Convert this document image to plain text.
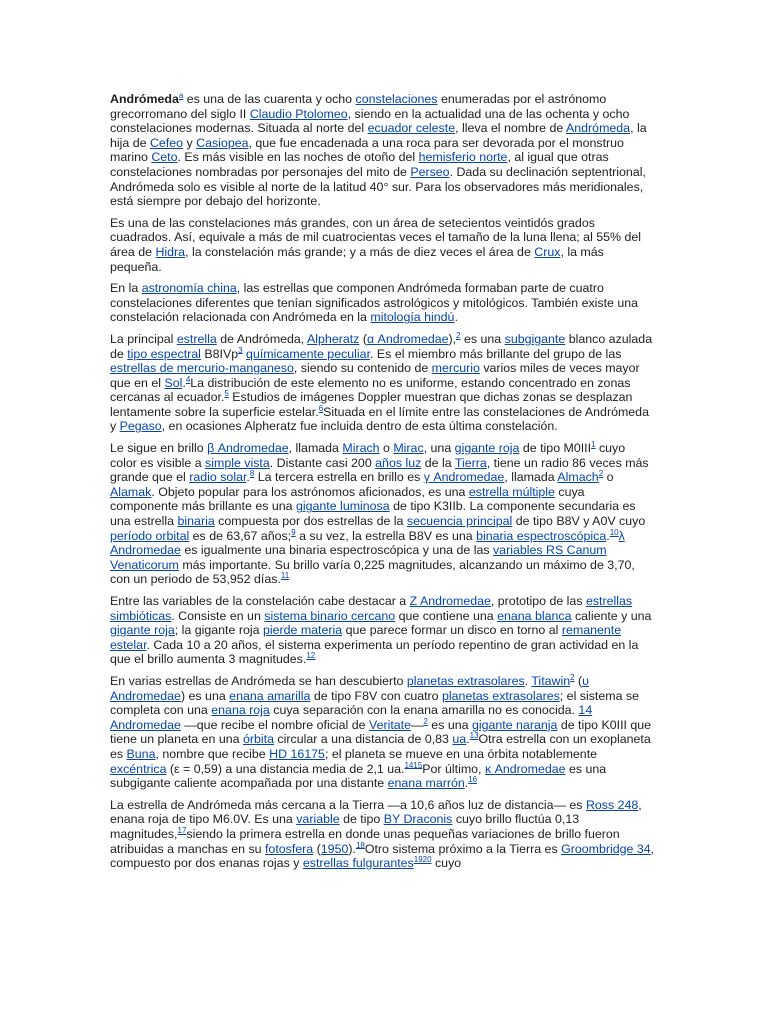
Andrómeda$^a$ es una de las cuarenta y ocho constelaciones enumeradas por el astrónomo grecorromano del siglo II Claudio Ptolomeo, siendo en la actualidad una de las ochenta y ocho constelaciones modernas. Situada al norte del ecuador celeste, lleva el nombre de Andrómeda, la hija de Cefeo y Casiopea, que fue encadenada a una roca para ser devorada por el monstruo marino Ceto. Es más visible en las noches de otoño del hemisferio norte, al igual que otras constelaciones nombradas por personajes del mito de Perseo. Dada su declinación septentrional, Andrómeda solo es visible al norte de la latitud 40° sur. Para los observadores más meridionales, está siempre por debajo del horizonte.

Es una de las constelaciones más grandes, con un área de setecientos veintidós grados cuadrados. Así, equivale a más de mil cuatrocientas veces el tamaño de la luna llena; al 55% del área de Hidra, la constelación más grande; y a más de diez veces el área de Crux, la más pequeña.

En la astronomía china, las estrellas que componen Andrómeda formaban parte de cuatro constelaciones diferentes que tenían significados astrológicos y mitológicos. También existe una constelación relacionada con Andrómeda en la mitología hindú.

La principal estrella de Andrómeda, Alpheratz (α Andromedae),$^2$ es una subgigante blanco azulada de tipo espectral B8IVp$^3$ químicamente peculiar. Es el miembro más brillante del grupo de las estrellas de mercurio-manganeso, siendo su contenido de mercurio varios miles de veces mayor que en el Sol.$^4$La distribución de este elemento no es uniforme, estando concentrado en zonas cercanas al ecuador.$^5$ Estudios de imágenes Doppler muestran que dichas zonas se desplazan lentamente sobre la superficie estelar.$^6$Situada en el límite entre las constelaciones de Andrómeda y Pegaso, en ocasiones Alpheratz fue incluida dentro de esta última constelación.

Le sigue en brillo β Andromedae, llamada Mirach o Mirac, una gigante roja de tipo M0III$^1$ cuyo color es visible a simple vista. Distante casi 200 años luz de la Tierra, tiene un radio 86 veces más grande que el radio solar.$^8$ La tercera estrella en brillo es γ Andromedae, llamada Almach$^2$ o Alamak. Objeto popular para los astrónomos aficionados, es una estrella múltiple cuya componente más brillante es una gigante luminosa de tipo K3IIb. La componente secundaria es una estrella binaria compuesta por dos estrellas de la secuencia principal de tipo B8V y A0V cuyo período orbital es de 63,67 años;$^9$ a su vez, la estrella B8V es una binaria espectroscópica.$^{10}$λ Andromedae es igualmente una binaria espectroscópica y una de las variables RS Canum Venaticorum más importante. Su brillo varía 0,225 magnitudes, alcanzando un máximo de 3,70, con un periodo de 53,952 días.$^{11}$

Entre las variables de la constelación cabe destacar a Z Andromedae, prototipo de las estrellas simbióticas. Consiste en un sistema binario cercano que contiene una enana blanca caliente y una gigante roja; la gigante roja pierde materia que parece formar un disco en torno al remanente estelar. Cada 10 a 20 años, el sistema experimenta un período repentino de gran actividad en la que el brillo aumenta 3 magnitudes.$^{12}$

En varias estrellas de Andrómeda se han descubierto planetas extrasolares. Titawin$^2$ (υ Andromedae) es una enana amarilla de tipo F8V con cuatro planetas extrasolares; el sistema se completa con una enana roja cuya separación con la enana amarilla no es conocida. 14 Andromedae —que recibe el nombre oficial de Veritate—$^2$ es una gigante naranja de tipo K0III que tiene un planeta en una órbita circular a una distancia de 0,83 ua.$^{13}$Otra estrella con un exoplaneta es Buna, nombre que recibe HD 16175; el planeta se mueve en una órbita notablemente excéntrica (ε = 0,59) a una distancia media de 2,1 ua.$^{1415}$Por último, κ Andromedae es una subgigante caliente acompañada por una distante enana marrón.$^{16}$

La estrella de Andrómeda más cercana a la Tierra —a 10,6 años luz de distancia— es Ross 248, enana roja de tipo M6.0V. Es una variable de tipo BY Draconis cuyo brillo fluctúa 0,13 magnitudes,$^{17}$siendo la primera estrella en donde unas pequeñas variaciones de brillo fueron atribuidas a manchas en su fotosfera (1950).$^{18}$Otro sistema próximo a la Tierra es Groombridge 34, compuesto por dos enanas rojas y estrellas fulgurantes$^{1920}$ cuyo
